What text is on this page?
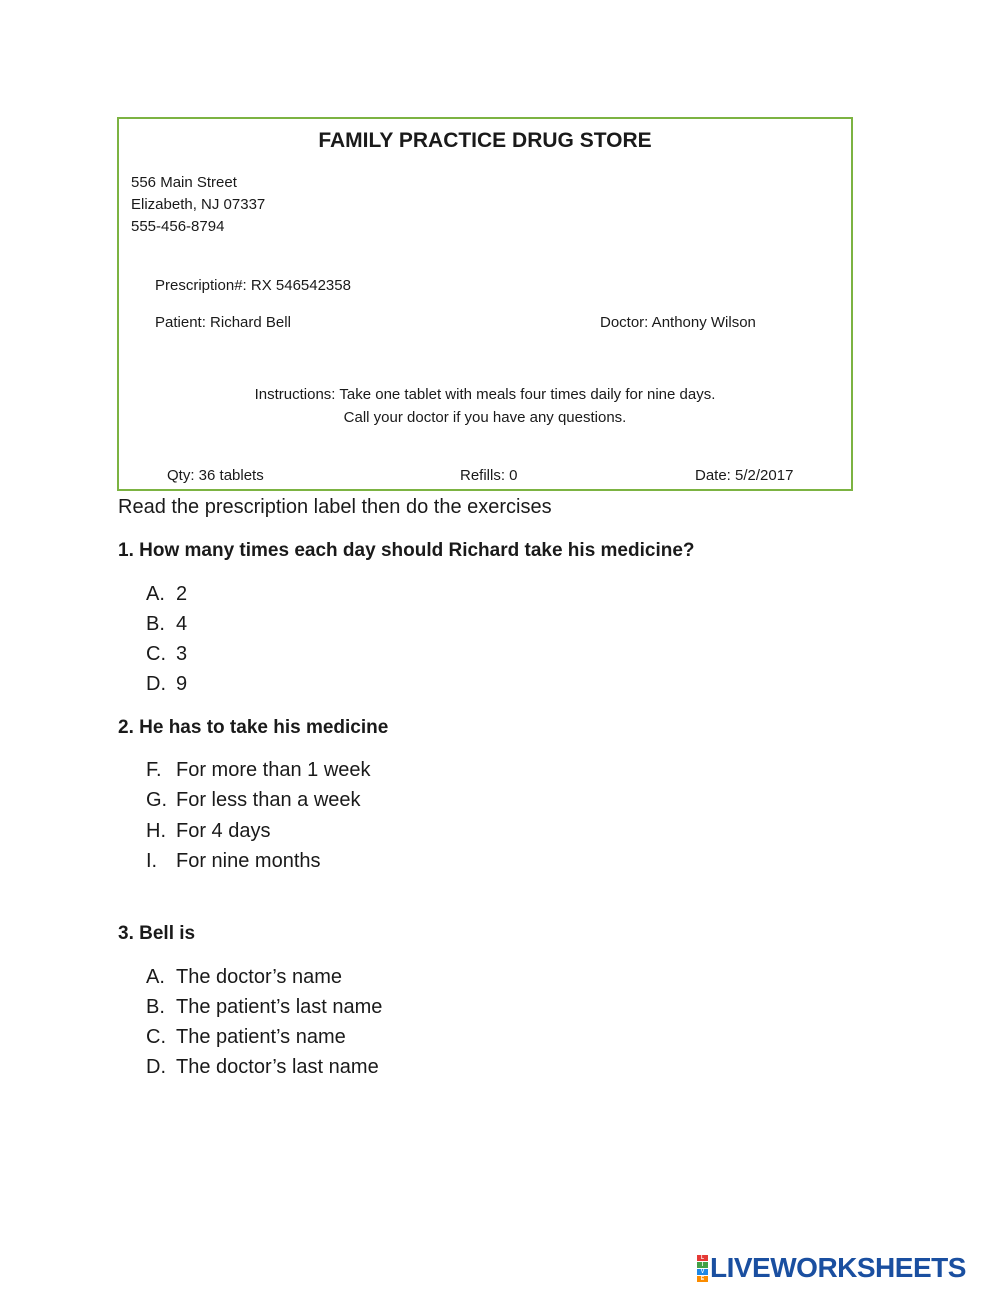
FAMILY PRACTICE DRUG STORE
556 Main Street
Elizabeth, NJ 07337
555-456-8794
Prescription#: RX 546542358
Patient: Richard Bell	Doctor: Anthony Wilson
Instructions: Take one tablet with meals four times daily for nine days.
Call your doctor if you have any questions.
Qty: 36 tablets	Refills: 0	Date: 5/2/2017
Read the prescription label then do the exercises
1. How many times each day should Richard take his medicine?
A. 2
B. 4
C. 3
D. 9
2. He has to take his medicine
F. For more than 1 week
G. For less than a week
H. For 4 days
I. For nine months
3. Bell is
A. The doctor’s name
B. The patient’s last name
C. The patient’s name
D. The doctor’s last name
L
I
V
E LIVEWORKSHEETS
